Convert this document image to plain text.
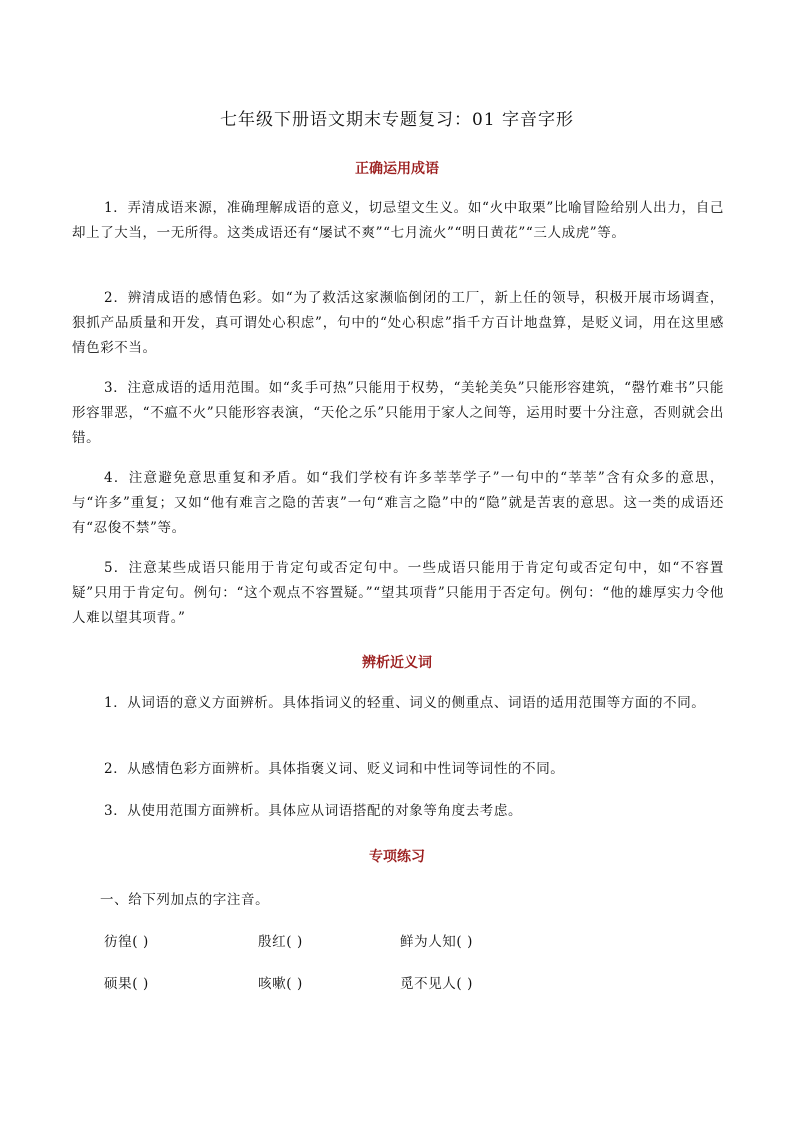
七年级下册语文期末专题复习：01 字音字形
正确运用成语
1．弄清成语来源，准确理解成语的意义，切忌望文生义。如“火中取栗”比喻冒险给别人出力，自己却上了大当，一无所得。这类成语还有“屡试不爽”“七月流火”“明日黄花”“三人成虎”等。
2．辨清成语的感情色彩。如“为了救活这家濒临倒闭的工厂，新上任的领导，积极开展市场调查，狠抓产品质量和开发，真可谓处心积虑”，句中的“处心积虑”指千方百计地盘算，是贬义词，用在这里感情色彩不当。
3．注意成语的适用范围。如“炙手可热”只能用于权势，“美轮美奂”只能形容建筑，“罄竹难书”只能形容罪恶，“不瘟不火”只能形容表演，“天伦之乐”只能用于家人之间等，运用时要十分注意，否则就会出错。
4．注意避免意思重复和矛盾。如“我们学校有许多莘莘学子”一句中的“莘莘”含有众多的意思，与“许多”重复；又如“他有难言之隐的苦衷”一句“难言之隐”中的“隐”就是苦衷的意思。这一类的成语还有“忍俊不禁”等。
5．注意某些成语只能用于肯定句或否定句中。一些成语只能用于肯定句或否定句中，如“不容置疑”只用于肯定句。例句：“这个观点不容置疑。”“望其项背”只能用于否定句。例句：“他的雄厚实力令他人难以望其项背。”
辨析近义词
1．从词语的意义方面辨析。具体指词义的轻重、词义的侧重点、词语的适用范围等方面的不同。
2．从感情色彩方面辨析。具体指褒义词、贬义词和中性词等词性的不同。
3．从使用范围方面辨析。具体应从词语搭配的对象等角度去考虑。
专项练习
一、给下列加点的字注音。
彷徨( )	殷红( )	鲜为人知( )
硕果( )	咳嗽( )	觅不见人( )
